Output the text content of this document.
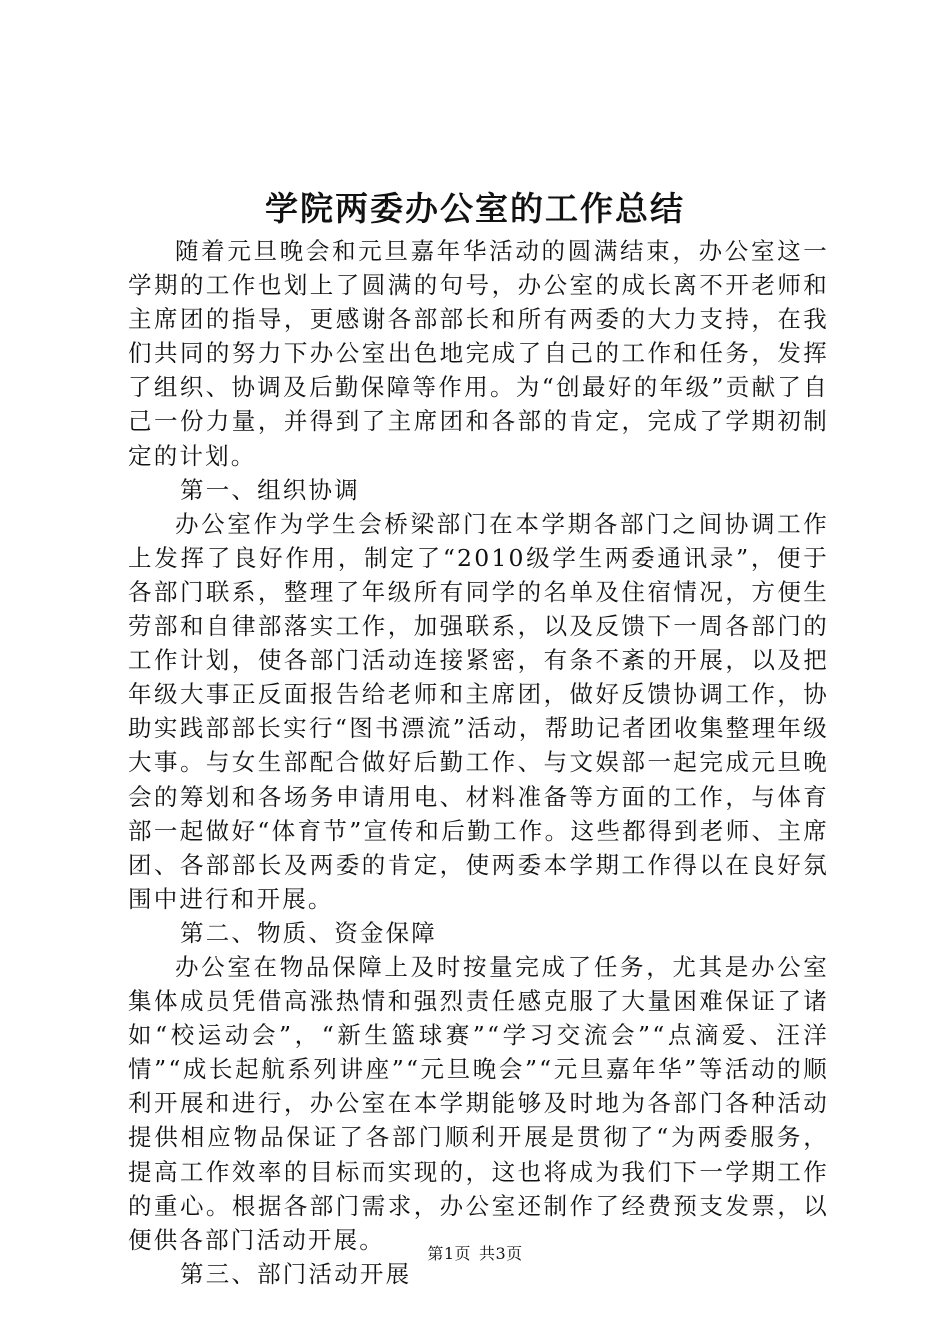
学院两委办公室的工作总结

随着元旦晚会和元旦嘉年华活动的圆满结束，办公室这一学期的工作也划上了圆满的句号，办公室的成长离不开老师和主席团的指导，更感谢各部部长和所有两委的大力支持，在我们共同的努力下办公室出色地完成了自己的工作和任务，发挥了组织、协调及后勤保障等作用。为“创最好的年级”贡献了自己一份力量，并得到了主席团和各部的肯定，完成了学期初制定的计划。

第一、组织协调

办公室作为学生会桥梁部门在本学期各部门之间协调工作上发挥了良好作用，制定了“2010级学生两委通讯录”，便于各部门联系，整理了年级所有同学的名单及住宿情况，方便生劳部和自律部落实工作，加强联系，以及反馈下一周各部门的工作计划，使各部门活动连接紧密，有条不紊的开展，以及把年级大事正反面报告给老师和主席团，做好反馈协调工作，协助实践部部长实行“图书漂流”活动，帮助记者团收集整理年级大事。与女生部配合做好后勤工作、与文娱部一起完成元旦晚会的筹划和各场务申请用电、材料准备等方面的工作，与体育部一起做好“体育节”宣传和后勤工作。这些都得到老师、主席团、各部部长及两委的肯定，使两委本学期工作得以在良好氛围中进行和开展。

第二、物质、资金保障

办公室在物品保障上及时按量完成了任务，尤其是办公室集体成员凭借高涨热情和强烈责任感克服了大量困难保证了诸如“校运动会”，“新生篮球赛”“学习交流会”“点滴爱、汪洋情”“成长起航系列讲座”“元旦晚会”“元旦嘉年华”等活动的顺利开展和进行，办公室在本学期能够及时地为各部门各种活动提供相应物品保证了各部门顺利开展是贯彻了“为两委服务，提高工作效率的目标而实现的，这也将成为我们下一学期工作的重心。根据各部门需求，办公室还制作了经费预支发票，以便供各部门活动开展。

第三、部门活动开展

第1页 共3页
